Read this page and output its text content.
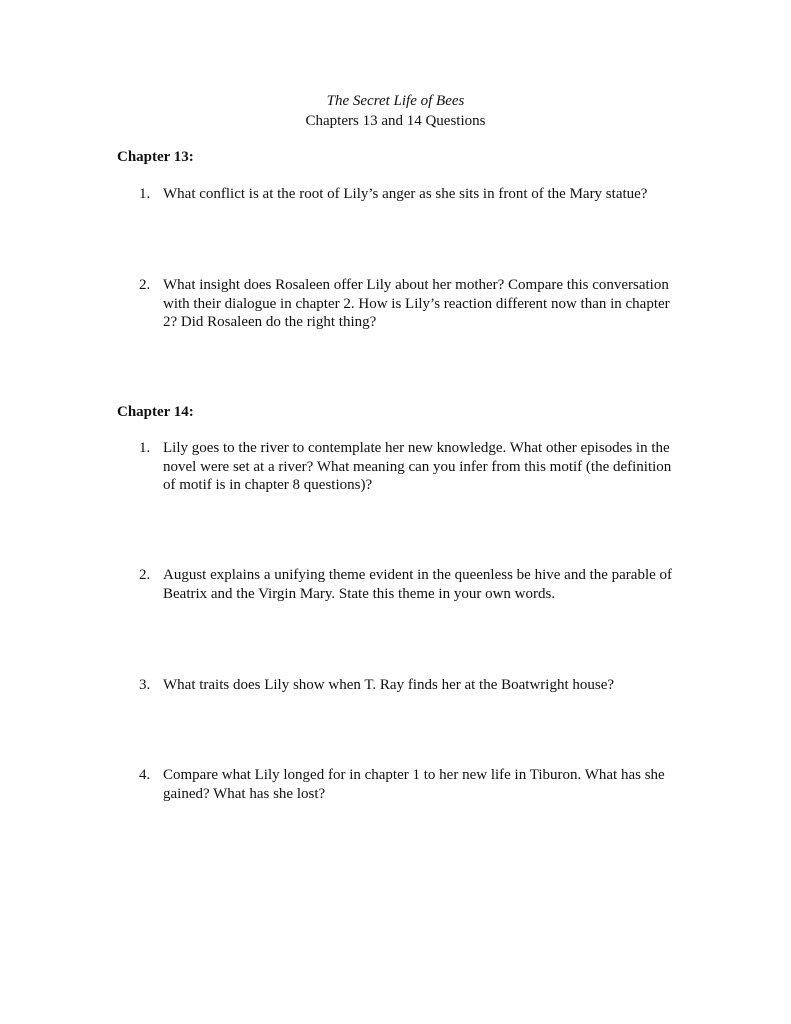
The Secret Life of Bees
Chapters 13 and 14 Questions
Chapter 13:
1. What conflict is at the root of Lily’s anger as she sits in front of the Mary statue?
2. What insight does Rosaleen offer Lily about her mother? Compare this conversation with their dialogue in chapter 2. How is Lily’s reaction different now than in chapter 2? Did Rosaleen do the right thing?
Chapter 14:
1. Lily goes to the river to contemplate her new knowledge. What other episodes in the novel were set at a river? What meaning can you infer from this motif (the definition of motif is in chapter 8 questions)?
2. August explains a unifying theme evident in the queenless be hive and the parable of Beatrix and the Virgin Mary. State this theme in your own words.
3. What traits does Lily show when T. Ray finds her at the Boatwright house?
4. Compare what Lily longed for in chapter 1 to her new life in Tiburon. What has she gained? What has she lost?
